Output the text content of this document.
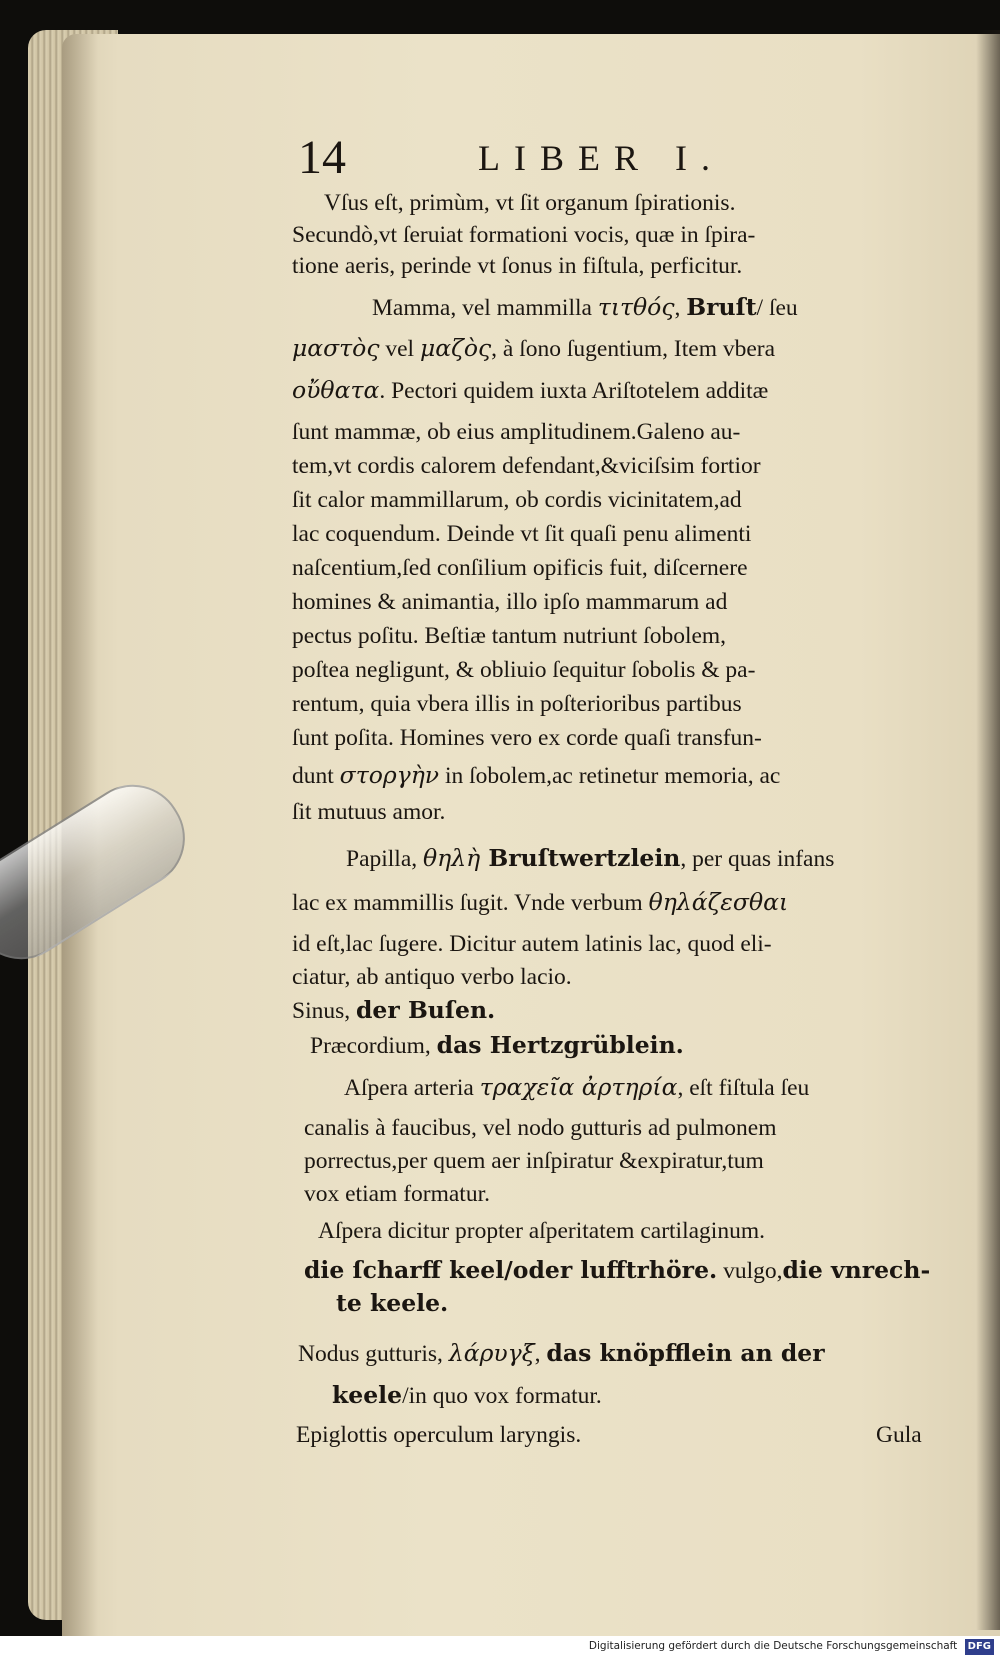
14	LIBER I.
Vſus eſt, primùm, vt ſit organum ſpirationis.
Secundò,vt ſeruiat formationi vocis, quæ in ſpira-
tione aeris, perinde vt ſonus in fiſtula, perficitur.
Mamma, vel mammilla τιτθός, Bruſt/ ſeu
μαστὸς vel μαζὸς, à ſono ſugentium, Item vbera
οὔθατα. Pectori quidem iuxta Ariſtotelem additæ
ſunt mammæ, ob eius amplitudinem.Galeno au-
tem,vt cordis calorem defendant,&viciſsim fortior
ſit calor mammillarum, ob cordis vicinitatem,ad
lac coquendum. Deinde vt ſit quaſi penu alimenti
naſcentium,ſed conſilium opificis fuit, diſcernere
homines & animantia, illo ipſo mammarum ad
pectus poſitu. Beſtiæ tantum nutriunt ſobolem,
poſtea negligunt, & obliuio ſequitur ſobolis & pa-
rentum, quia vbera illis in poſterioribus partibus
ſunt poſita. Homines vero ex corde quaſi transfun-
dunt στοργὴν in ſobolem,ac retinetur memoria, ac
ſit mutuus amor.
Papilla, θηλὴ Bruſtwertzlein, per quas infans
lac ex mammillis ſugit. Vnde verbum θηλάζεσθαι
id eſt,lac ſugere. Dicitur autem latinis lac, quod eli-
ciatur, ab antiquo verbo lacio.
Sinus, der Buſen.
Præcordium, das Hertzgrüblein.
Aſpera arteria τραχεῖα ἀρτηρία, eſt fiſtula ſeu
canalis à faucibus, vel nodo gutturis ad pulmonem
porrectus,per quem aer inſpiratur &expiratur,tum
vox etiam formatur.
Aſpera dicitur propter aſperitatem cartilaginum.
die ſcharff keel/oder lufftrhöre. vulgo,die vnrech-
te keele.
Nodus gutturis, λάρυγξ, das knöpfflein an der
keele/in quo vox formatur.
Epiglottis operculum laryngis.	Gula
Digitalisierung gefördert durch die Deutsche Forschungsgemeinschaft DFG
